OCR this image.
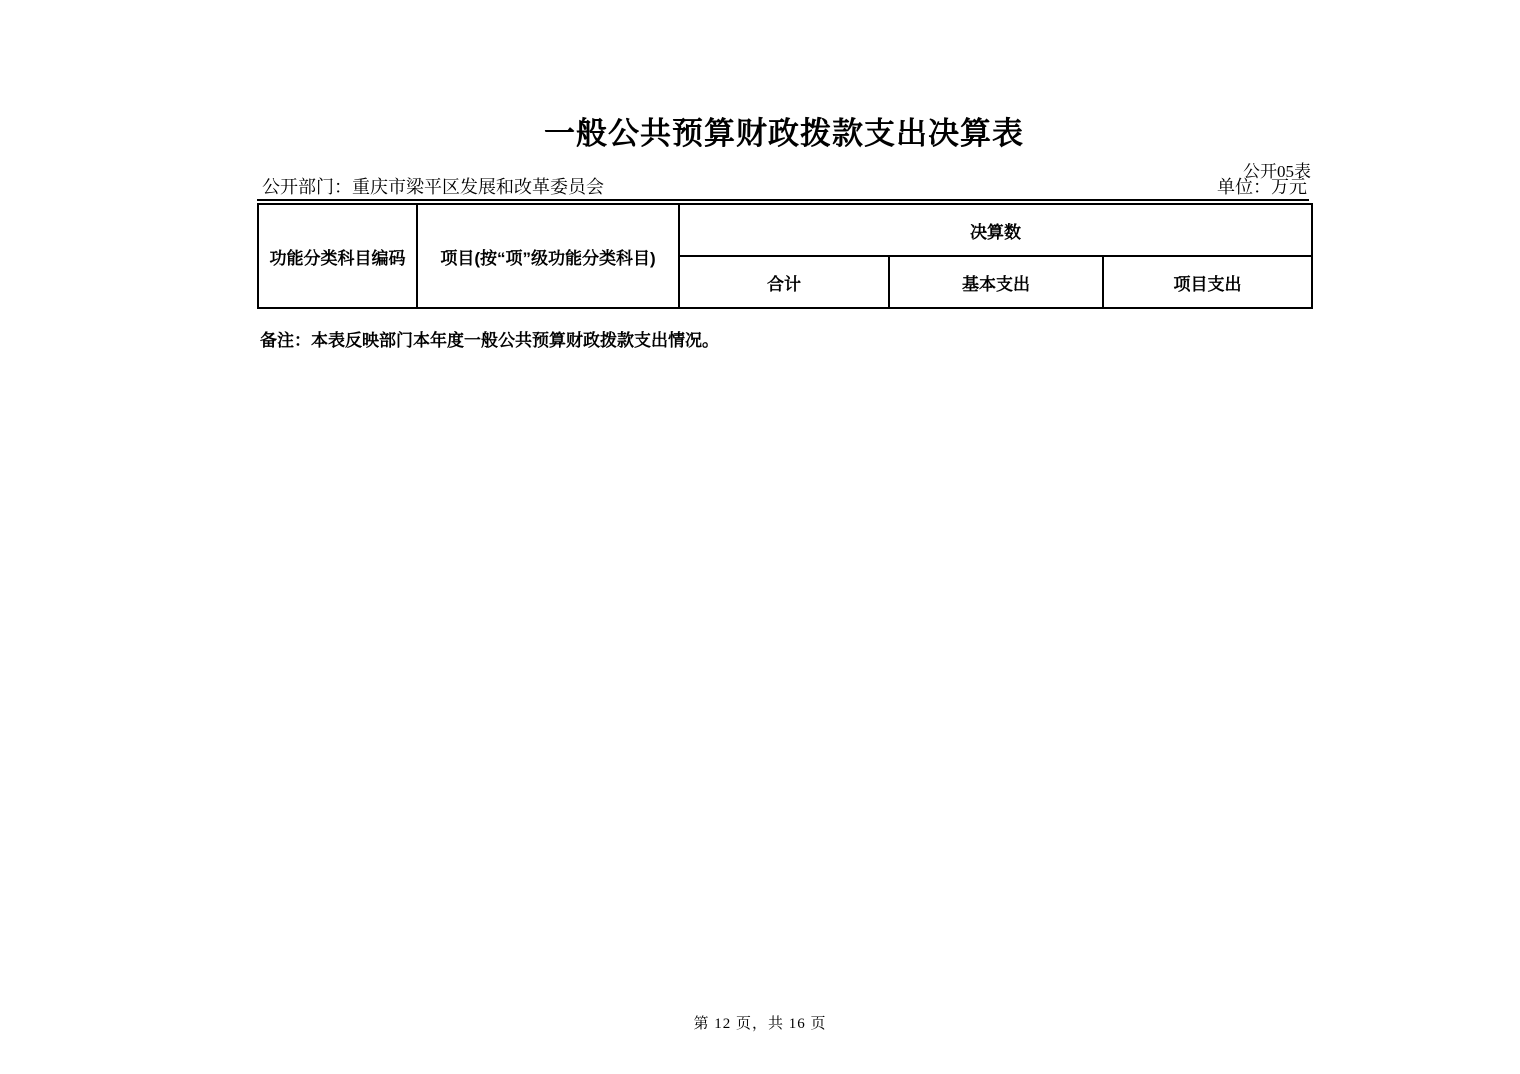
一般公共预算财政拨款支出决算表
公开05表
公开部门：重庆市梁平区发展和改革委员会	单位：万元
功能分类科目编码	项目(按“项”级功能分类科目)	决算数		
		合计	基本支出	项目支出
备注：本表反映部门本年度一般公共预算财政拨款支出情况。
第 12 页，共 16 页
